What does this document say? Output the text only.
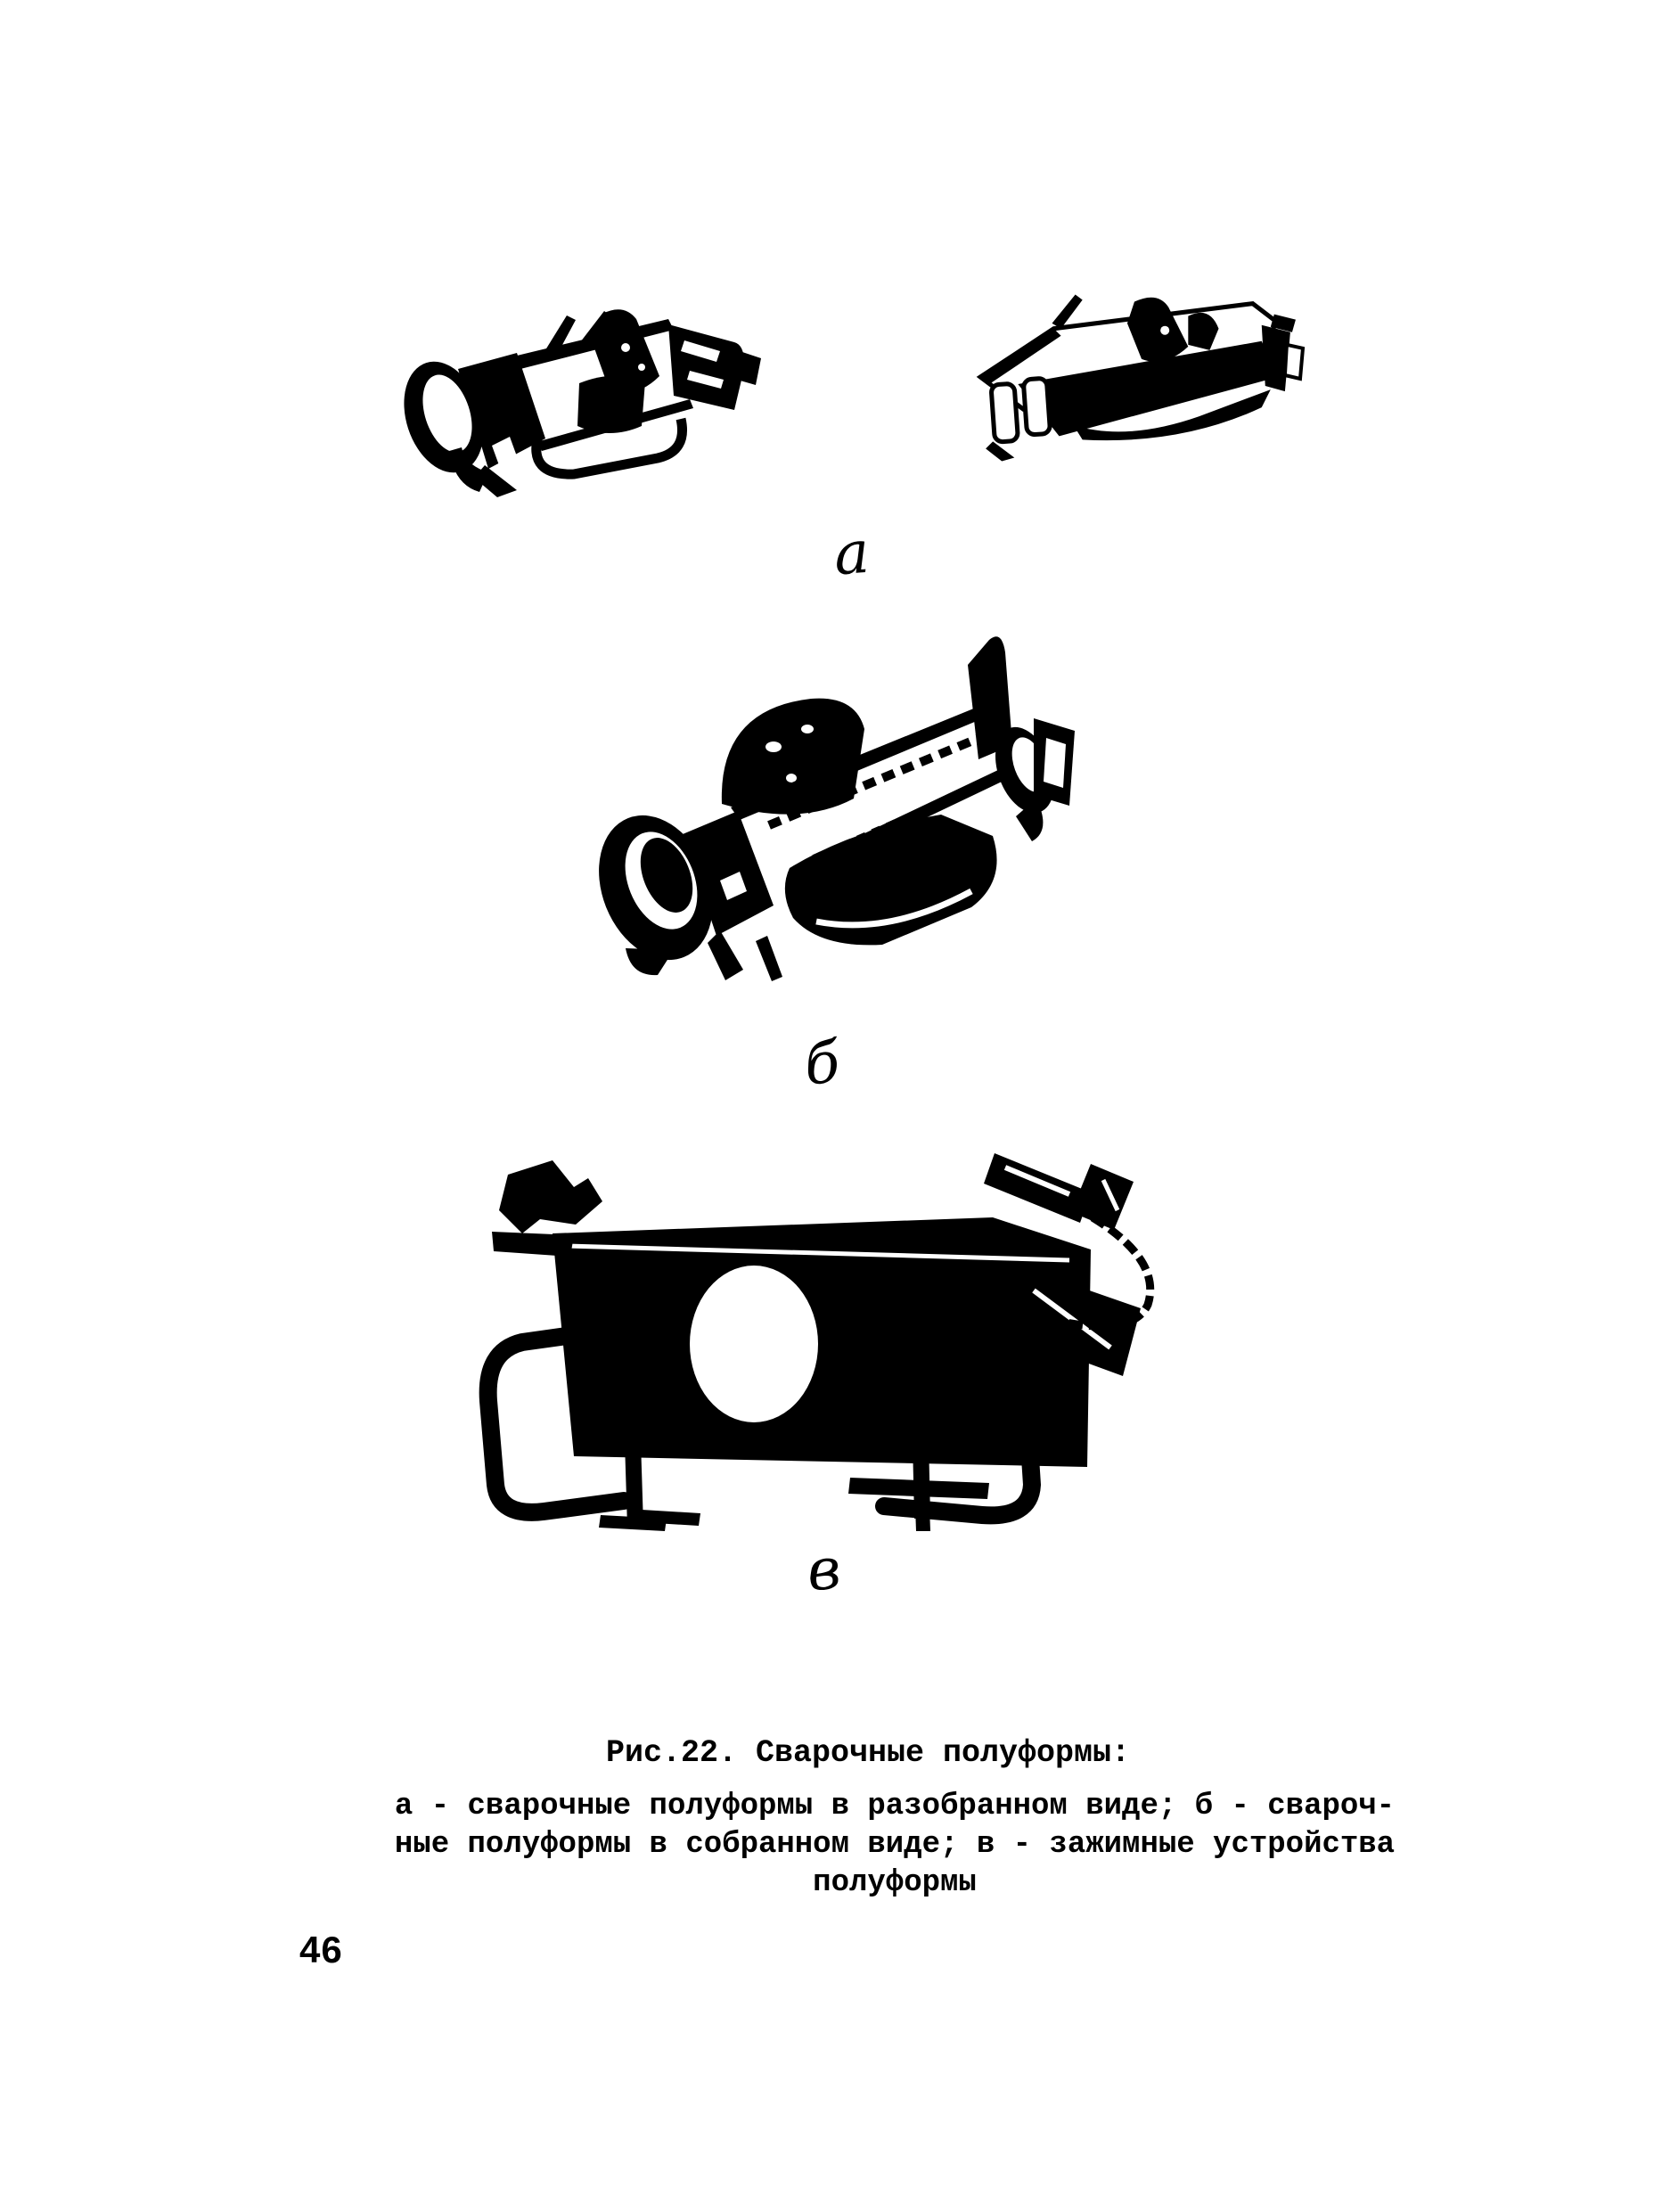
а
б
в
Рис.22. Сварочные полуформы:
а - сварочные полуформы в разобранном виде; б - свароч-
ные полуформы в собранном виде; в - зажимные устройства
полуформы
46
